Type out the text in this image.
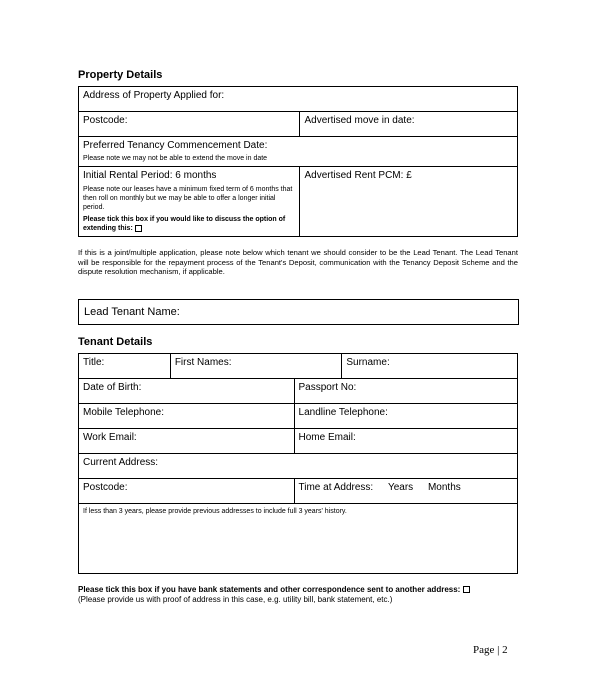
Property Details
Address of Property Applied for:	
Postcode:	Advertised move in date:

Preferred Tenancy Commencement Date:
Please note we may not be able to extend the move in date	

Initial Rental Period: 6 months
Please note our leases have a minimum fixed term of 6 months that then roll on monthly but we may be able to offer a longer initial period.
Please tick this box if you would like to discuss the option of extending this:	Advertised Rent PCM: £
If this is a joint/multiple application, please note below which tenant we should consider to be the Lead Tenant. The Lead Tenant will be responsible for the repayment process of the Tenant's Deposit, communication with the Tenancy Deposit Scheme and the dispute resolution mechanism, if applicable.
Lead Tenant Name:
Tenant Details
Title:	First Names:		Surname:
Date of Birth:		Passport No:	
Mobile Telephone:		Landline Telephone:	
Work Email:		Home Email:	
Current Address:			
Postcode:		Time at Address: Years Months	

If less than 3 years, please provide previous addresses to include full 3 years' history.			
Please tick this box if you have bank statements and other correspondence sent to another address:
(Please provide us with proof of address in this case, e.g. utility bill, bank statement, etc.)
Page | 2
